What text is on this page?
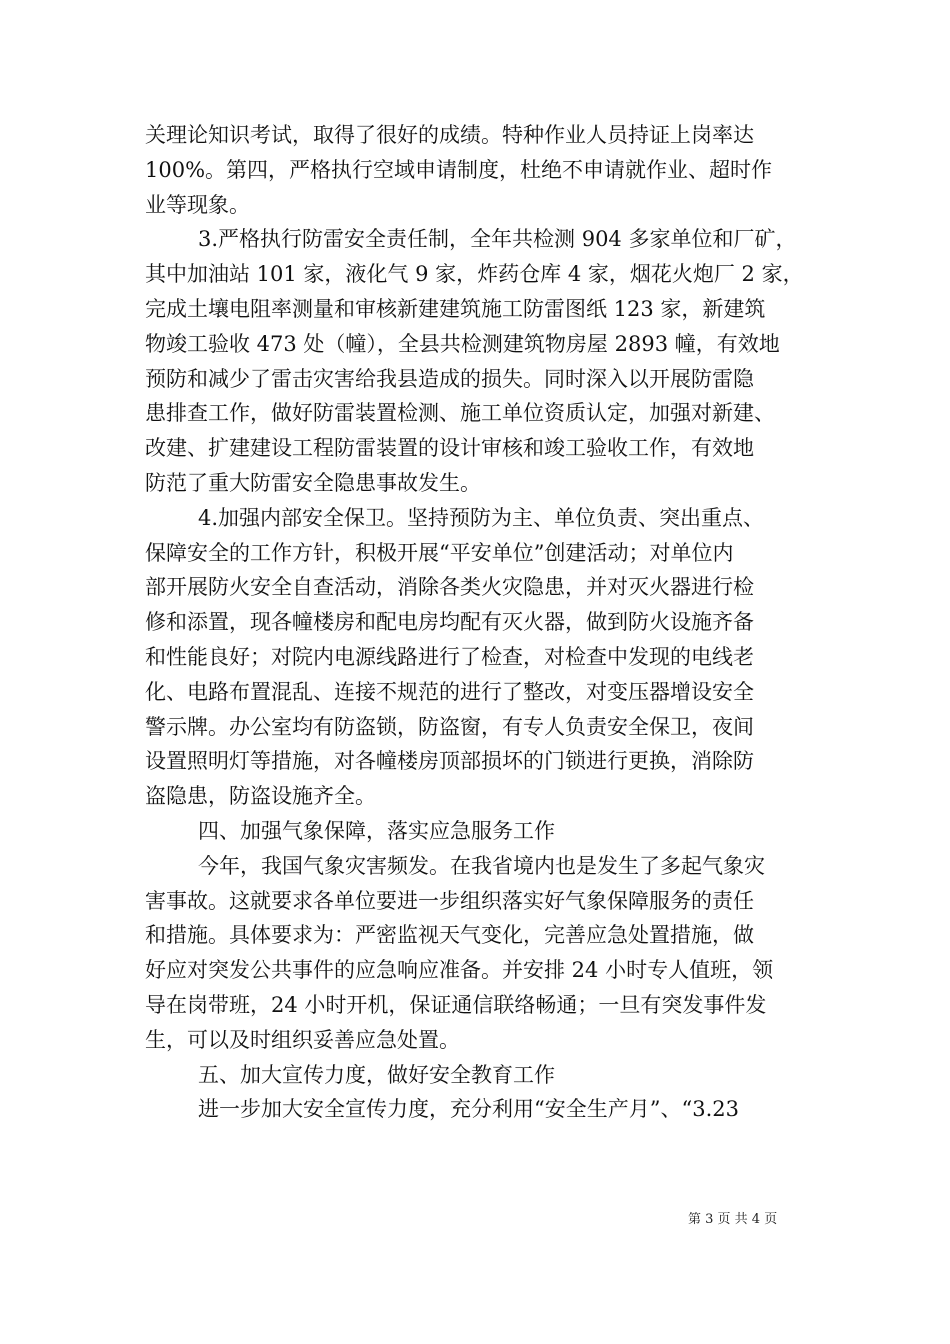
关理论知识考试，取得了很好的成绩。特种作业人员持证上岗率达
100%。第四，严格执行空域申请制度，杜绝不申请就作业、超时作
业等现象。
3.严格执行防雷安全责任制，全年共检测 904 多家单位和厂矿，
其中加油站 101 家，液化气 9 家，炸药仓库 4 家，烟花火炮厂 2 家，
完成土壤电阻率测量和审核新建建筑施工防雷图纸 123 家，新建筑
物竣工验收 473 处（幢），全县共检测建筑物房屋 2893 幢，有效地
预防和减少了雷击灾害给我县造成的损失。同时深入以开展防雷隐
患排查工作，做好防雷装置检测、施工单位资质认定，加强对新建、
改建、扩建建设工程防雷装置的设计审核和竣工验收工作，有效地
防范了重大防雷安全隐患事故发生。
4.加强内部安全保卫。坚持预防为主、单位负责、突出重点、
保障安全的工作方针，积极开展“平安单位”创建活动；对单位内
部开展防火安全自查活动，消除各类火灾隐患，并对灭火器进行检
修和添置，现各幢楼房和配电房均配有灭火器，做到防火设施齐备
和性能良好；对院内电源线路进行了检查，对检查中发现的电线老
化、电路布置混乱、连接不规范的进行了整改，对变压器增设安全
警示牌。办公室均有防盗锁，防盗窗，有专人负责安全保卫，夜间
设置照明灯等措施，对各幢楼房顶部损坏的门锁进行更换，消除防
盗隐患，防盗设施齐全。
四、加强气象保障，落实应急服务工作
今年，我国气象灾害频发。在我省境内也是发生了多起气象灾
害事故。这就要求各单位要进一步组织落实好气象保障服务的责任
和措施。具体要求为：严密监视天气变化，完善应急处置措施，做
好应对突发公共事件的应急响应准备。并安排 24 小时专人值班，领
导在岗带班，24 小时开机，保证通信联络畅通；一旦有突发事件发
生，可以及时组织妥善应急处置。
五、加大宣传力度，做好安全教育工作
进一步加大安全宣传力度，充分利用“安全生产月”、“3.23
第 3 页 共 4 页
